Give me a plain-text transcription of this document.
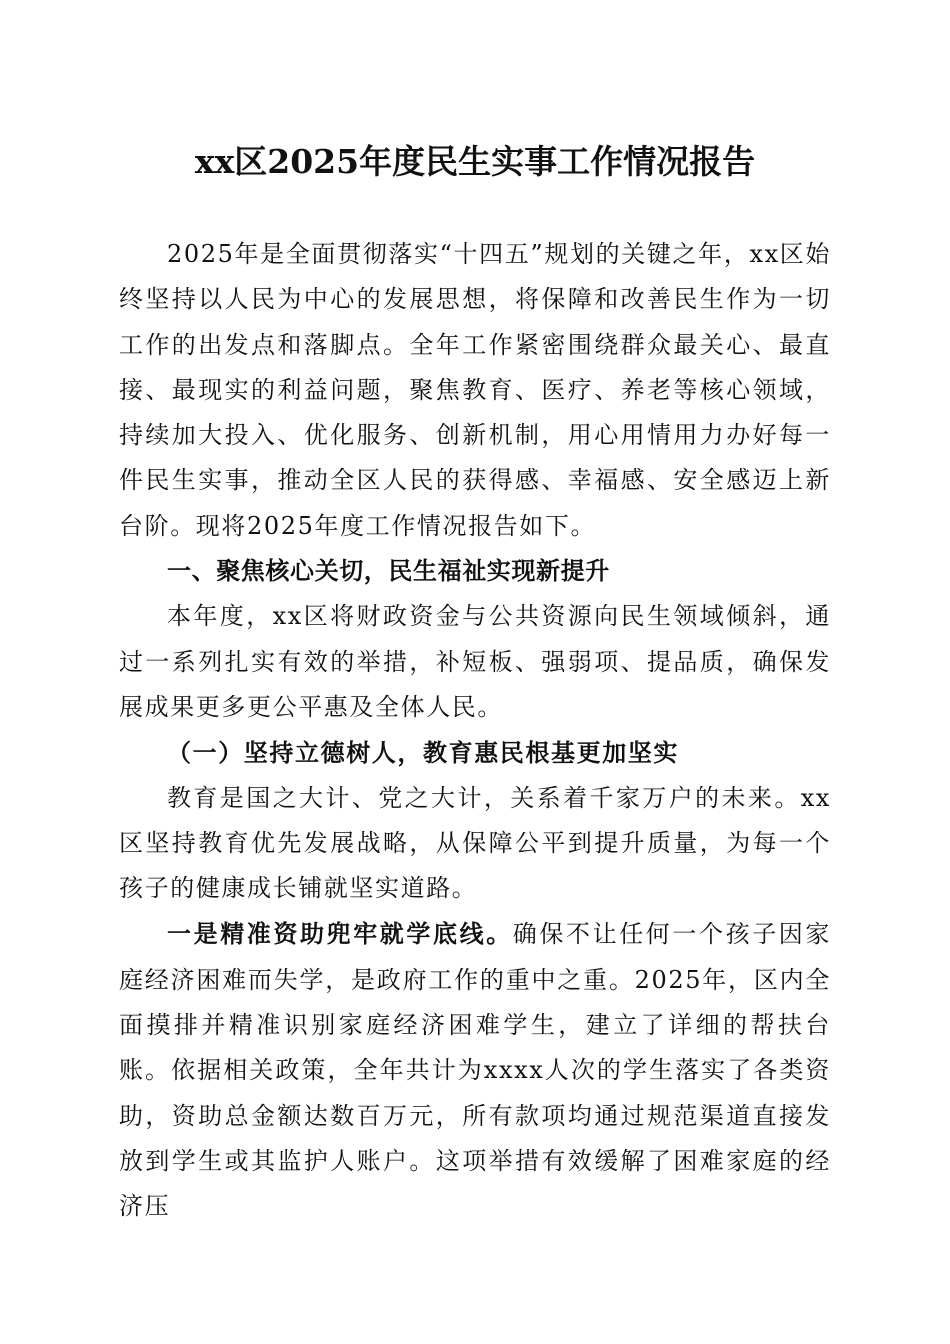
xx区2025年度民生实事工作情况报告

2025年是全面贯彻落实“十四五”规划的关键之年，xx区始终坚持以人民为中心的发展思想，将保障和改善民生作为一切工作的出发点和落脚点。全年工作紧密围绕群众最关心、最直接、最现实的利益问题，聚焦教育、医疗、养老等核心领域，持续加大投入、优化服务、创新机制，用心用情用力办好每一件民生实事，推动全区人民的获得感、幸福感、安全感迈上新台阶。现将2025年度工作情况报告如下。

一、聚焦核心关切，民生福祉实现新提升

本年度，xx区将财政资金与公共资源向民生领域倾斜，通过一系列扎实有效的举措，补短板、强弱项、提品质，确保发展成果更多更公平惠及全体人民。

（一）坚持立德树人，教育惠民根基更加坚实

教育是国之大计、党之大计，关系着千家万户的未来。xx区坚持教育优先发展战略，从保障公平到提升质量，为每一个孩子的健康成长铺就坚实道路。

一是精准资助兜牢就学底线。确保不让任何一个孩子因家庭经济困难而失学，是政府工作的重中之重。2025年，区内全面摸排并精准识别家庭经济困难学生，建立了详细的帮扶台账。依据相关政策，全年共计为xxxx人次的学生落实了各类资助，资助总金额达数百万元，所有款项均通过规范渠道直接发放到学生或其监护人账户。这项举措有效缓解了困难家庭的经济压
